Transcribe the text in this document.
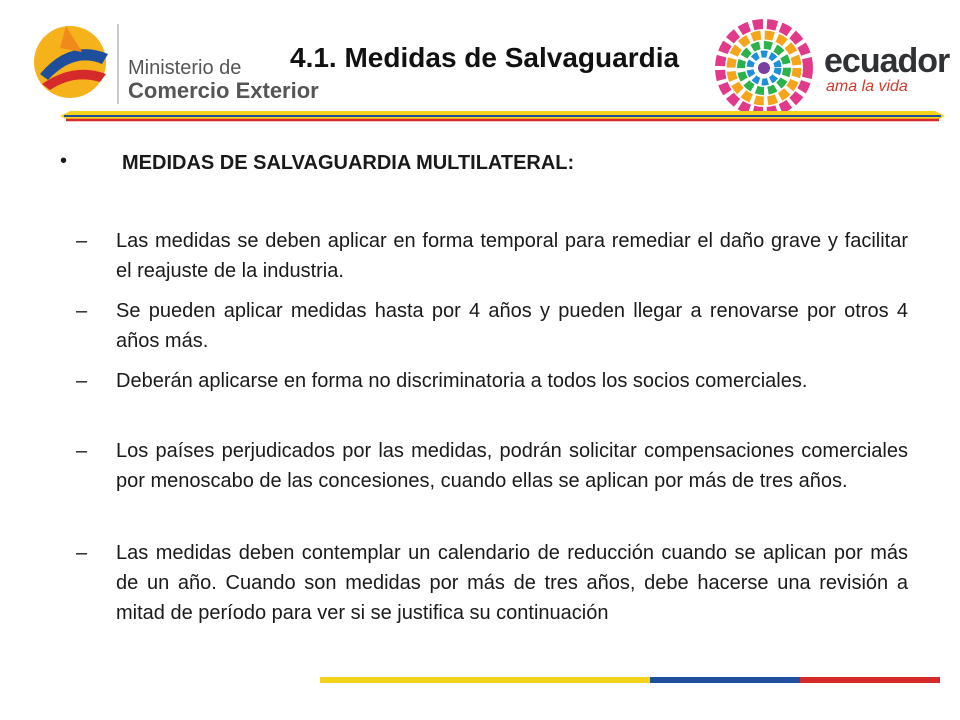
Ministerio de
Comercio Exterior
4.1. Medidas de Salvaguardia	ecuador
ama la vida
•	MEDIDAS DE SALVAGUARDIA MULTILATERAL:
– Las medidas se deben aplicar en forma temporal para remediar el daño grave y facilitar el reajuste de la industria.
– Se pueden aplicar medidas hasta por 4 años y pueden llegar a renovarse por otros 4 años más.
– Deberán aplicarse en forma no discriminatoria a todos los socios comerciales.
– Los países perjudicados por las medidas, podrán solicitar compensaciones comerciales por menoscabo de las concesiones, cuando ellas se aplican por más de tres años.
– Las medidas deben contemplar un calendario de reducción cuando se aplican por más de un año. Cuando son medidas por más de tres años, debe hacerse una revisión a mitad de período para ver si se justifica su continuación
